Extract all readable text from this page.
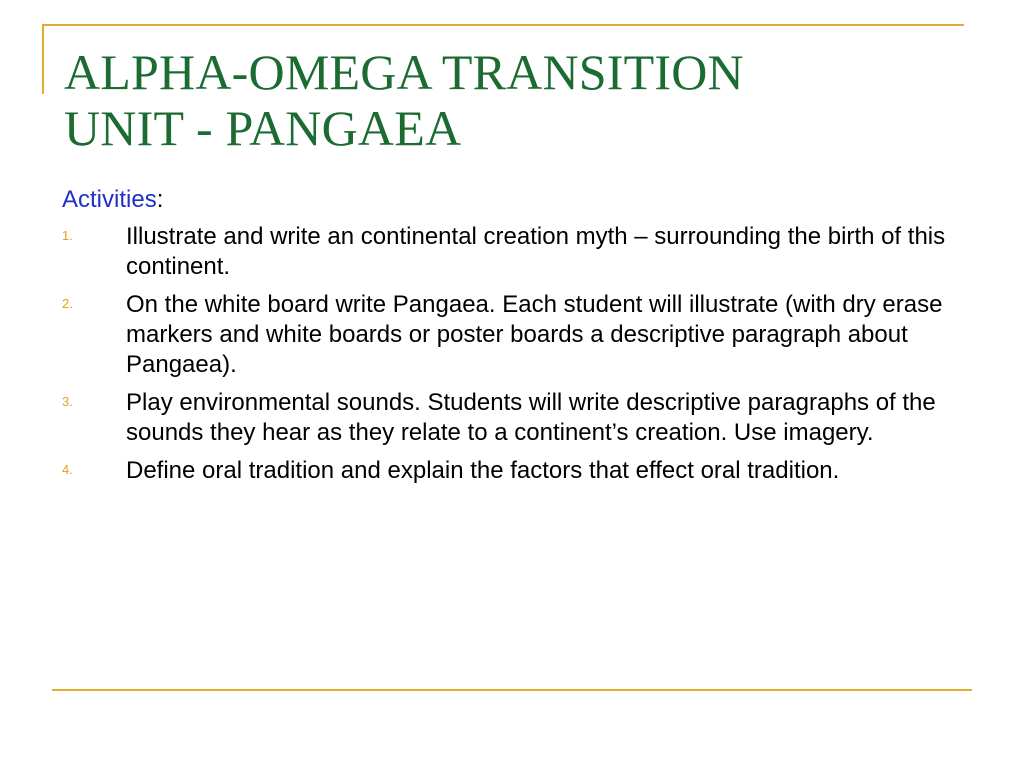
ALPHA-OMEGA TRANSITION
UNIT - PANGAEA

Activities:

1. Illustrate and write an continental creation myth – surrounding the birth of this continent.
2. On the white board write Pangaea. Each student will illustrate (with dry erase markers and white boards or poster boards a descriptive paragraph about Pangaea).
3. Play environmental sounds. Students will write descriptive paragraphs of the sounds they hear as they relate to a continent’s creation. Use imagery.
4. Define oral tradition and explain the factors that effect oral tradition.
